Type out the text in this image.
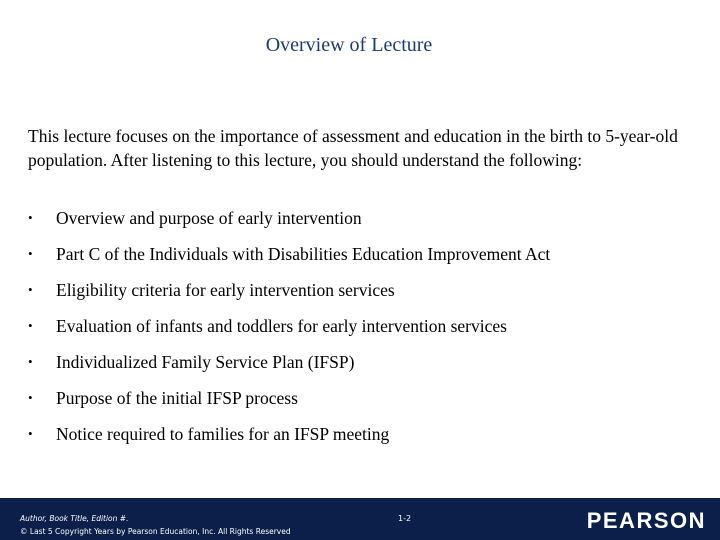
Overview of Lecture
This lecture focuses on the importance of assessment and education in the birth to 5-year-old population. After listening to this lecture, you should understand the following:
• Overview and purpose of early intervention
• Part C of the Individuals with Disabilities Education Improvement Act
• Eligibility criteria for early intervention services
• Evaluation of infants and toddlers for early intervention services
• Individualized Family Service Plan (IFSP)
• Purpose of the initial IFSP process
• Notice required to families for an IFSP meeting
Author, Book Title, Edition #.
© Last 5 Copyright Years by Pearson Education, Inc. All Rights Reserved
1-2	PEARSON
